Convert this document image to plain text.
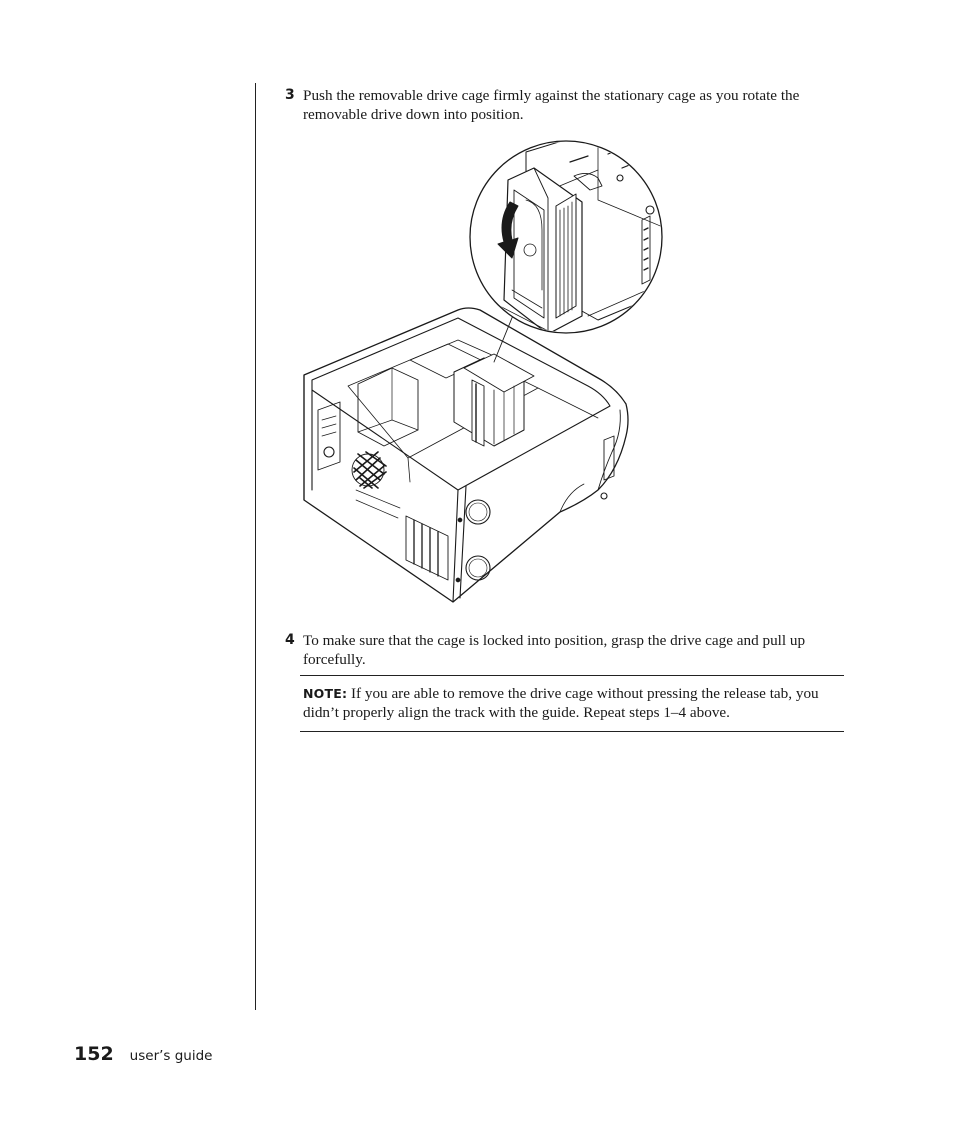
3 Push the removable drive cage firmly against the stationary cage as you rotate the removable drive down into position.
4 To make sure that the cage is locked into position, grasp the drive cage and pull up forcefully.
NOTE: If you are able to remove the drive cage without pressing the release tab, you didn’t properly align the track with the guide. Repeat steps 1–4 above.
152 user’s guide
